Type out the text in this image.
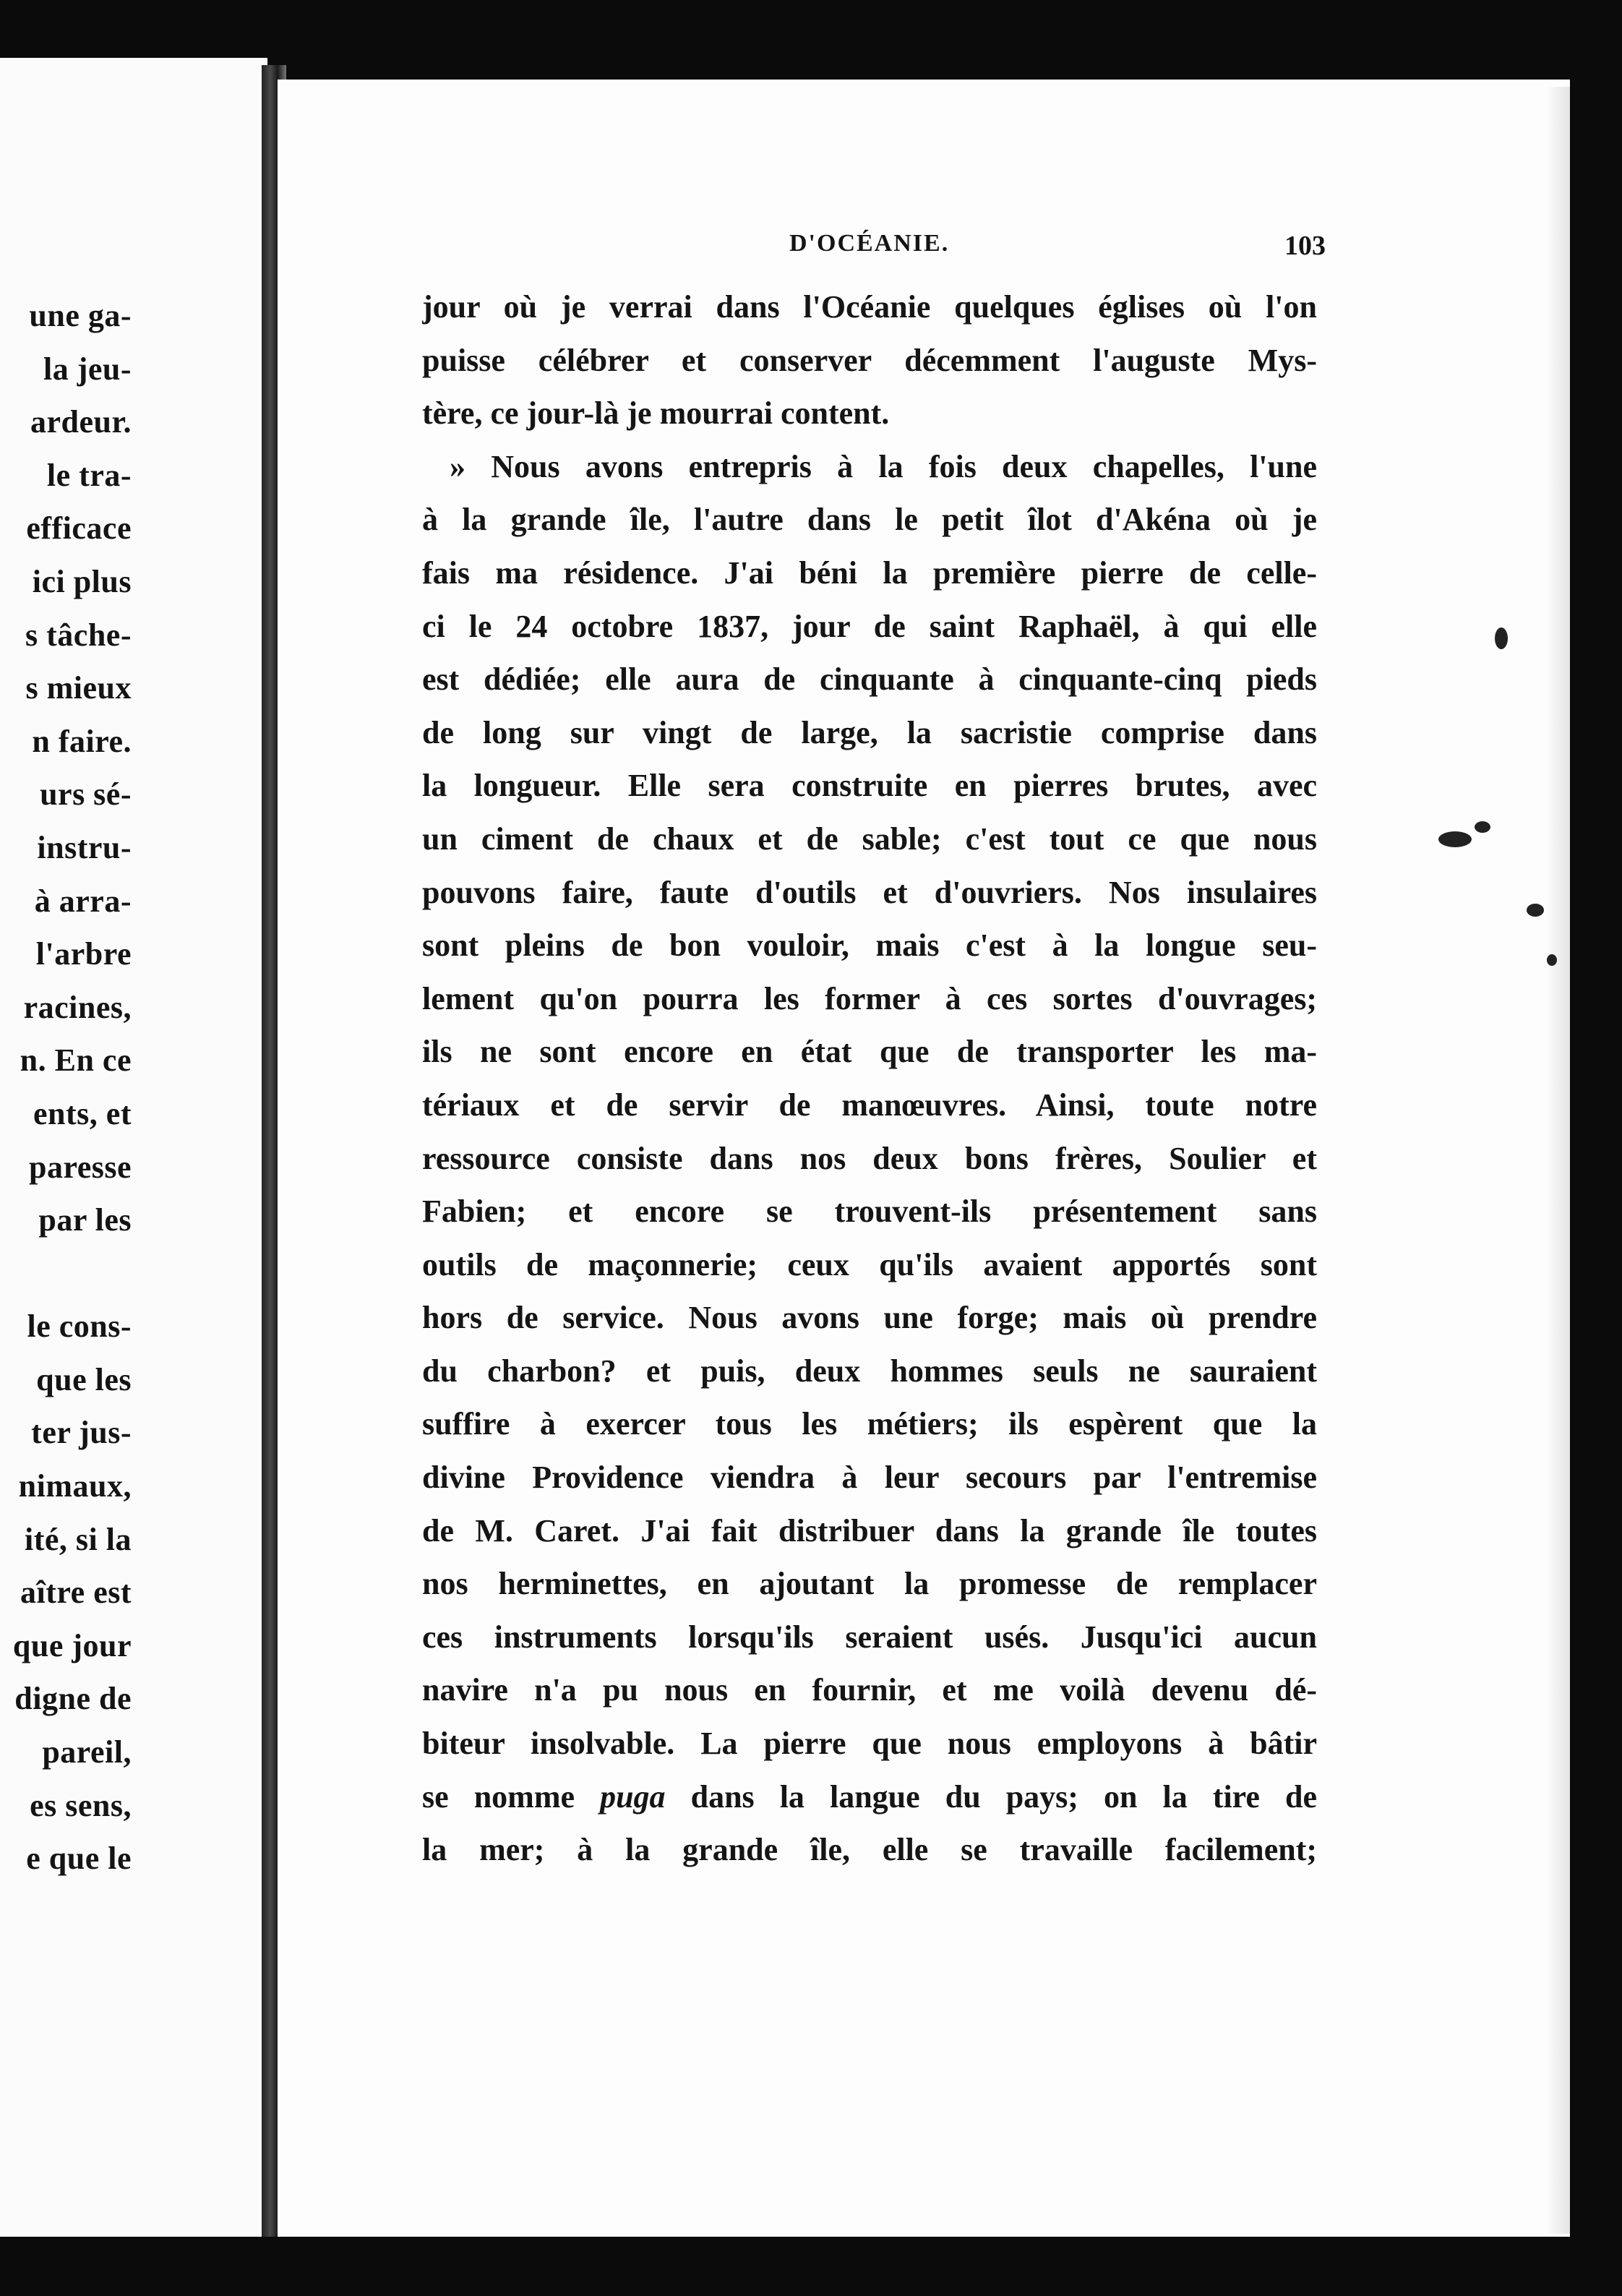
une ga-
la jeu-
ardeur.
le tra-
efficace
ici plus
s tâche-
s mieux
n faire.
urs sé-
instru-
à arra-
l'arbre
racines,
n. En ce
ents, et
paresse
par les
le cons-
que les
ter jus-
nimaux,
ité, si la
aître est
que jour
digne de
pareil,
es sens,
e que le
D'OCÉANIE.	103
jour où je verrai dans l'Océanie quelques églises où l'on
puisse célébrer et conserver décemment l'auguste Mys-
tère, ce jour-là je mourrai content.
» Nous avons entrepris à la fois deux chapelles, l'une
à la grande île, l'autre dans le petit îlot d'Akéna où je
fais ma résidence. J'ai béni la première pierre de celle-
ci le 24 octobre 1837, jour de saint Raphaël, à qui elle
est dédiée; elle aura de cinquante à cinquante-cinq pieds
de long sur vingt de large, la sacristie comprise dans
la longueur. Elle sera construite en pierres brutes, avec
un ciment de chaux et de sable; c'est tout ce que nous
pouvons faire, faute d'outils et d'ouvriers. Nos insulaires
sont pleins de bon vouloir, mais c'est à la longue seu-
lement qu'on pourra les former à ces sortes d'ouvrages;
ils ne sont encore en état que de transporter les ma-
tériaux et de servir de manœuvres. Ainsi, toute notre
ressource consiste dans nos deux bons frères, Soulier et
Fabien; et encore se trouvent-ils présentement sans
outils de maçonnerie; ceux qu'ils avaient apportés sont
hors de service. Nous avons une forge; mais où prendre
du charbon? et puis, deux hommes seuls ne sauraient
suffire à exercer tous les métiers; ils espèrent que la
divine Providence viendra à leur secours par l'entremise
de M. Caret. J'ai fait distribuer dans la grande île toutes
nos herminettes, en ajoutant la promesse de remplacer
ces instruments lorsqu'ils seraient usés. Jusqu'ici aucun
navire n'a pu nous en fournir, et me voilà devenu dé-
biteur insolvable. La pierre que nous employons à bâtir
se nomme puga dans la langue du pays; on la tire de
la mer; à la grande île, elle se travaille facilement;
